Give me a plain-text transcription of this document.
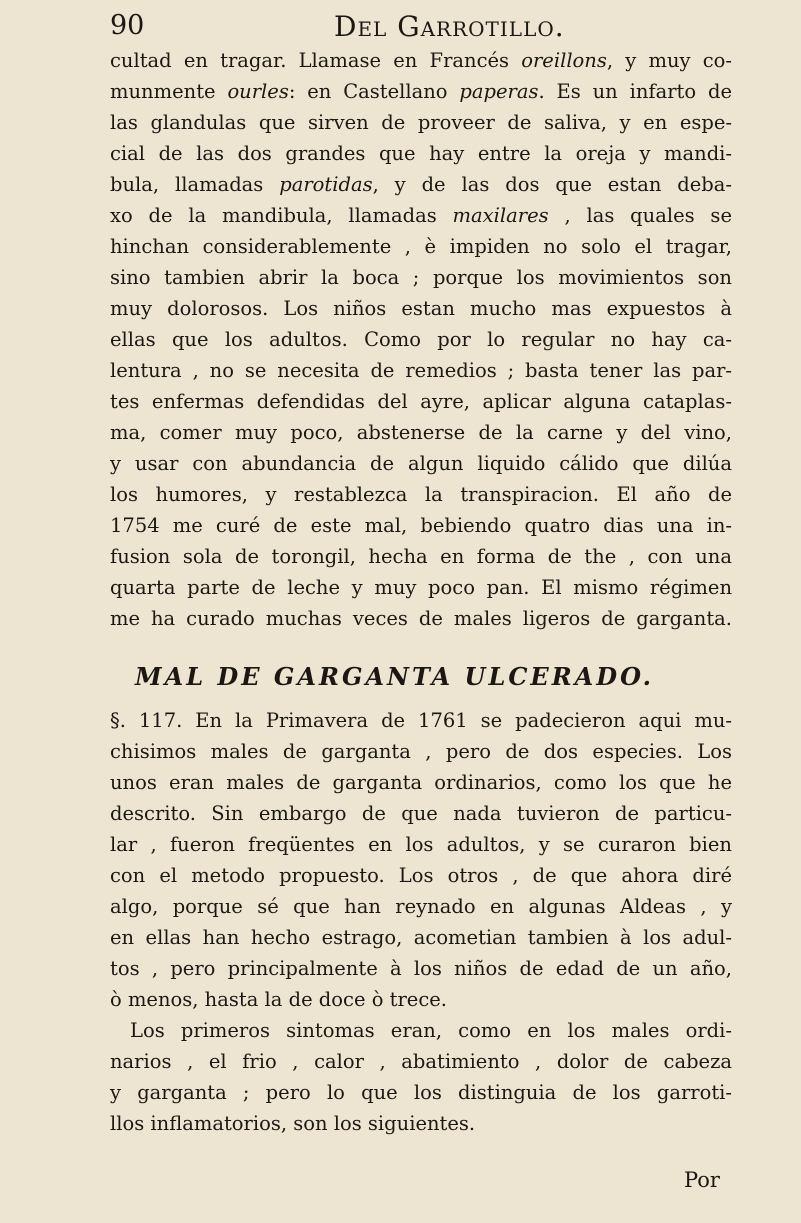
90	Del Garrotillo.
cultad en tragar. Llamase en Francés oreillons, y muy co-
munmente ourles: en Castellano paperas. Es un infarto de
las glandulas que sirven de proveer de saliva, y en espe-
cial de las dos grandes que hay entre la oreja y mandi-
bula, llamadas parotidas, y de las dos que estan deba-
xo de la mandibula, llamadas maxilares , las quales se
hinchan considerablemente , è impiden no solo el tragar,
sino tambien abrir la boca ; porque los movimientos son
muy dolorosos. Los niños estan mucho mas expuestos à
ellas que los adultos. Como por lo regular no hay ca-
lentura , no se necesita de remedios ; basta tener las par-
tes enfermas defendidas del ayre, aplicar alguna cataplas-
ma, comer muy poco, abstenerse de la carne y del vino,
y usar con abundancia de algun liquido cálido que dilúa
los humores, y restablezca la transpiracion. El año de
1754 me curé de este mal, bebiendo quatro dias una in-
fusion sola de torongil, hecha en forma de the , con una
quarta parte de leche y muy poco pan. El mismo régimen
me ha curado muchas veces de males ligeros de garganta.
MAL DE GARGANTA ULCERADO.
§. 117. En la Primavera de 1761 se padecieron aqui mu-
chisimos males de garganta , pero de dos especies. Los
unos eran males de garganta ordinarios, como los que he
descrito. Sin embargo de que nada tuvieron de particu-
lar , fueron freqüentes en los adultos, y se curaron bien
con el metodo propuesto. Los otros , de que ahora diré
algo, porque sé que han reynado en algunas Aldeas , y
en ellas han hecho estrago, acometian tambien à los adul-
tos , pero principalmente à los niños de edad de un año,
ò menos, hasta la de doce ò trece.
Los primeros sintomas eran, como en los males ordi-
narios , el frio , calor , abatimiento , dolor de cabeza
y garganta ; pero lo que los distinguia de los garroti-
llos inflamatorios, son los siguientes.
Por
